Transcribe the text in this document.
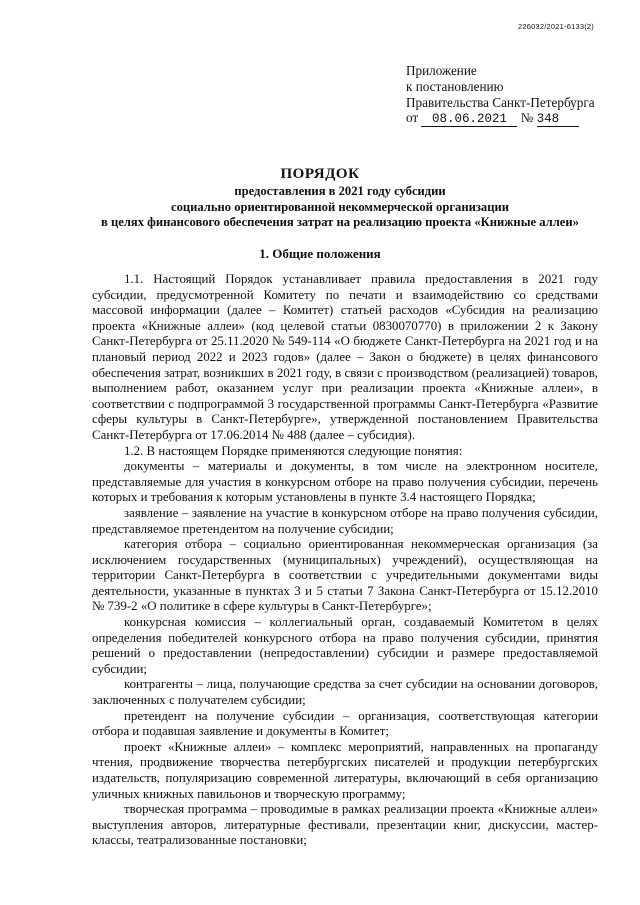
226032/2021-6133(2)
Приложение
к постановлению
Правительства Санкт-Петербурга
от 08.06.2021 № 348
ПОРЯДОК
предоставления в 2021 году субсидии
социально ориентированной некоммерческой организации
в целях финансового обеспечения затрат на реализацию проекта «Книжные аллеи»
1. Общие положения

1.1. Настоящий Порядок устанавливает правила предоставления в 2021 году субсидии, предусмотренной Комитету по печати и взаимодействию со средствами массовой информации (далее – Комитет) статьей расходов «Субсидия на реализацию проекта «Книжные аллеи» (код целевой статьи 0830070770) в приложении 2 к Закону Санкт-Петербурга от 25.11.2020 № 549-114 «О бюджете Санкт-Петербурга на 2021 год и на плановый период 2022 и 2023 годов» (далее – Закон о бюджете) в целях финансового обеспечения затрат, возникших в 2021 году, в связи с производством (реализацией) товаров, выполнением работ, оказанием услуг при реализации проекта «Книжные аллеи», в соответствии с подпрограммой 3 государственной программы Санкт-Петербурга «Развитие сферы культуры в Санкт-Петербурге», утвержденной постановлением Правительства Санкт-Петербурга от 17.06.2014 № 488 (далее – субсидия).

1.2. В настоящем Порядке применяются следующие понятия:

документы – материалы и документы, в том числе на электронном носителе, представляемые для участия в конкурсном отборе на право получения субсидии, перечень которых и требования к которым установлены в пункте 3.4 настоящего Порядка;

заявление – заявление на участие в конкурсном отборе на право получения субсидии, представляемое претендентом на получение субсидии;

категория отбора – социально ориентированная некоммерческая организация (за исключением государственных (муниципальных) учреждений), осуществляющая на территории Санкт-Петербурга в соответствии с учредительными документами виды деятельности, указанные в пунктах 3 и 5 статьи 7 Закона Санкт-Петербурга от 15.12.2010 № 739-2 «О политике в сфере культуры в Санкт-Петербурге»;

конкурсная комиссия – коллегиальный орган, создаваемый Комитетом в целях определения победителей конкурсного отбора на право получения субсидии, принятия решений о предоставлении (непредоставлении) субсидии и размере предоставляемой субсидии;

контрагенты – лица, получающие средства за счет субсидии на основании договоров, заключенных с получателем субсидии;

претендент на получение субсидии – организация, соответствующая категории отбора и подавшая заявление и документы в Комитет;

проект «Книжные аллеи» – комплекс мероприятий, направленных на пропаганду чтения, продвижение творчества петербургских писателей и продукции петербургских издательств, популяризацию современной литературы, включающий в себя организацию уличных книжных павильонов и творческую программу;

творческая программа – проводимые в рамках реализации проекта «Книжные аллеи» выступления авторов, литературные фестивали, презентации книг, дискуссии, мастер-классы, театрализованные постановки;
